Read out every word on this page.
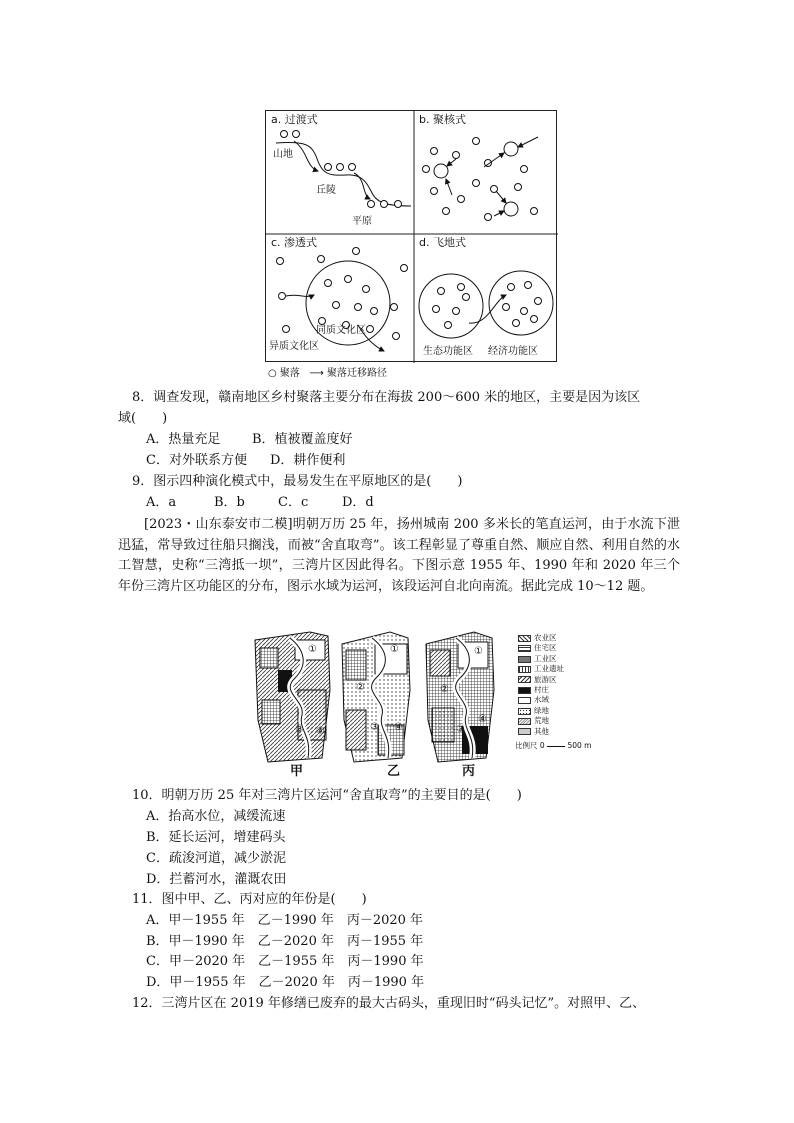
a. 过渡式
山地
丘陵
平原
b. 聚核式
c. 渗透式
同质文化区
异质文化区
d. 飞地式
生态功能区 经济功能区
○ 聚落 ⟶ 聚落迁移路径
8．调查发现，赣南地区乡村聚落主要分布在海拔 200～600 米的地区，主要是因为该区
域(　　)
A．热量充足 B．植被覆盖度好
C．对外联系方便 D．耕作便利
9．图示四种演化模式中，最易发生在平原地区的是(　　)
A．a	B．b	C．c	D．d
[2023・山东泰安市二模]明朝万历 25 年，扬州城南 200 多米长的笔直运河，由于水流下泄迅猛，常导致过往船只搁浅，而被“舍直取弯”。该工程彰显了尊重自然、顺应自然、利用自然的水工智慧，史称“三湾抵一坝”，三湾片区因此得名。下图示意 1955 年、1990 年和 2020 年三个年份三湾片区功能区的分布，图示水域为运河，该段运河自北向南流。据此完成 10～12 题。
①
②
③ ④
①
②
③ ④
①
②
③
④
农业区
住宅区
工业区
工业遗址
旅游区
村庄
水域
绿地
荒地
其他
比例尺 0	500 m
甲	乙	丙
10．明朝万历 25 年对三湾片区运河“舍直取弯”的主要目的是(　　)
A．抬高水位，减缓流速
B．延长运河，增建码头
C．疏浚河道，减少淤泥
D．拦蓄河水，灌溉农田
11．图中甲、乙、丙对应的年份是(　　)
A．甲－1955 年　乙－1990 年　丙－2020 年
B．甲－1990 年　乙－2020 年　丙－1955 年
C．甲－2020 年　乙－1955 年　丙－1990 年
D．甲－1955 年　乙－2020 年　丙－1990 年
12．三湾片区在 2019 年修缮已废弃的最大古码头，重现旧时“码头记忆”。对照甲、乙、
